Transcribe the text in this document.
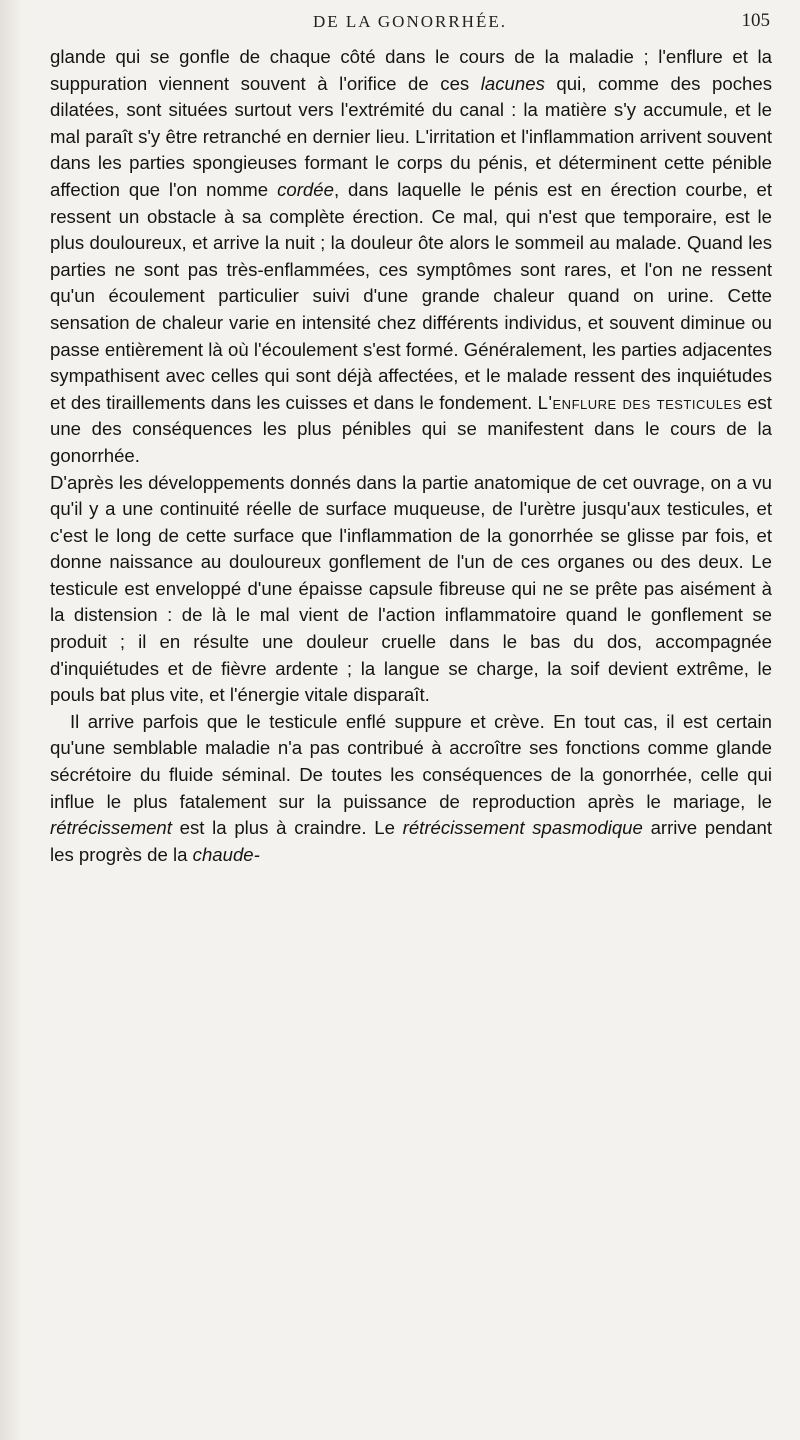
DE LA GONORRHÉE.	105

glande qui se gonfle de chaque côté dans le cours de la maladie ; l'enflure et la suppuration viennent souvent à l'orifice de ces lacunes qui, comme des poches dilatées, sont situées surtout vers l'extrémité du canal : la matière s'y accumule, et le mal paraît s'y être retranché en dernier lieu. L'irritation et l'inflammation arrivent souvent dans les parties spongieuses formant le corps du pénis, et déterminent cette pénible affection que l'on nomme cordée, dans laquelle le pénis est en érection courbe, et ressent un obstacle à sa complète érection. Ce mal, qui n'est que temporaire, est le plus douloureux, et arrive la nuit ; la douleur ôte alors le sommeil au malade. Quand les parties ne sont pas très-enflammées, ces symptômes sont rares, et l'on ne ressent qu'un écoulement particulier suivi d'une grande chaleur quand on urine. Cette sensation de chaleur varie en intensité chez différents individus, et souvent diminue ou passe entièrement là où l'écoulement s'est formé. Généralement, les parties adjacentes sympathisent avec celles qui sont déjà affectées, et le malade ressent des inquiétudes et des tiraillements dans les cuisses et dans le fondement. L'enflure des testicules est une des conséquences les plus pénibles qui se manifestent dans le cours de la gonorrhée.

D'après les développements donnés dans la partie anatomique de cet ouvrage, on a vu qu'il y a une continuité réelle de surface muqueuse, de l'urètre jusqu'aux testicules, et c'est le long de cette surface que l'inflammation de la gonorrhée se glisse par fois, et donne naissance au douloureux gonflement de l'un de ces organes ou des deux. Le testicule est enveloppé d'une épaisse capsule fibreuse qui ne se prête pas aisément à la distension : de là le mal vient de l'action inflammatoire quand le gonflement se produit ; il en résulte une douleur cruelle dans le bas du dos, accompagnée d'inquiétudes et de fièvre ardente ; la langue se charge, la soif devient extrême, le pouls bat plus vite, et l'énergie vitale disparaît.

Il arrive parfois que le testicule enflé suppure et crève. En tout cas, il est certain qu'une semblable maladie n'a pas contribué à accroître ses fonctions comme glande sécrétoire du fluide séminal. De toutes les conséquences de la gonorrhée, celle qui influe le plus fatalement sur la puissance de reproduction après le mariage, le rétrécissement est la plus à craindre. Le rétrécissement spasmodique arrive pendant les progrès de la chaude-
